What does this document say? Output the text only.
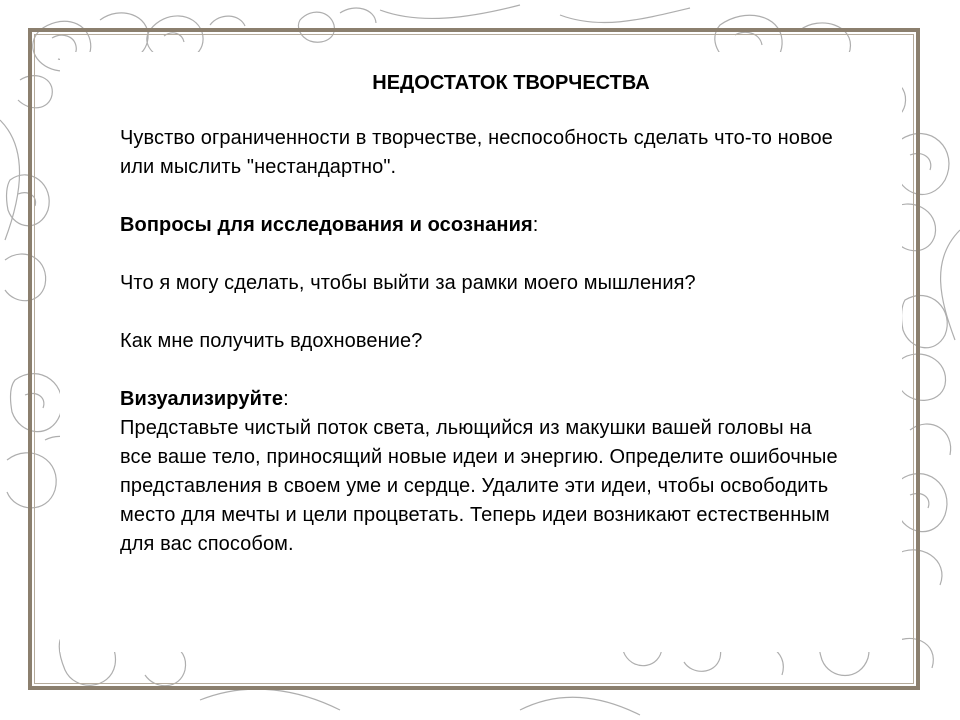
НЕДОСТАТОК ТВОРЧЕСТВА

Чувство ограниченности в творчестве, неспособность сделать что-то новое или мыслить "нестандартно".

Вопросы для исследования и осознания:

Что я могу сделать, чтобы выйти за рамки моего мышления?

Как мне получить вдохновение?

Визуализируйте:

Представьте чистый поток света, льющийся из макушки вашей головы на все ваше тело, приносящий новые идеи и энергию. Определите ошибочные представления в своем уме и сердце. Удалите эти идеи, чтобы освободить место для мечты и цели процветать. Теперь идеи возникают естественным для вас способом.
